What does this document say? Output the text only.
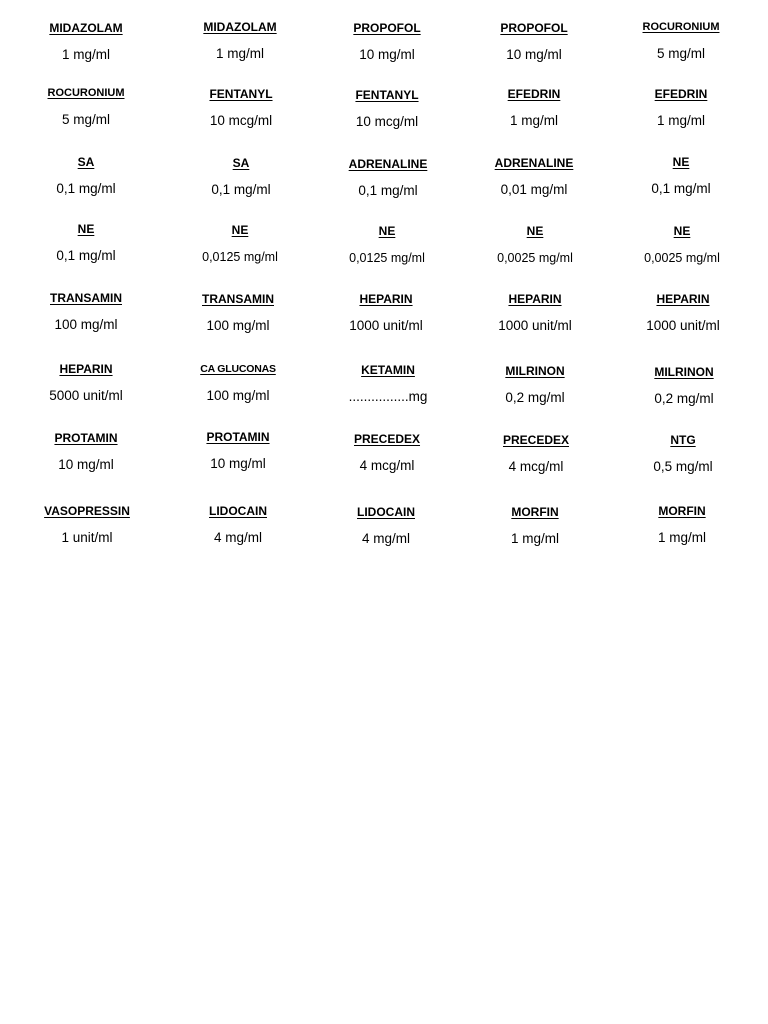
MIDAZOLAM
1 mg/ml
MIDAZOLAM
1 mg/ml
PROPOFOL
10 mg/ml
PROPOFOL
10 mg/ml
ROCURONIUM
5 mg/ml
ROCURONIUM
5 mg/ml
FENTANYL
10 mcg/ml
FENTANYL
10 mcg/ml
EFEDRIN
1 mg/ml
EFEDRIN
1 mg/ml
SA
0,1 mg/ml
SA
0,1 mg/ml
ADRENALINE
0,1 mg/ml
ADRENALINE
0,01 mg/ml
NE
0,1 mg/ml
NE
0,1 mg/ml
NE
0,0125 mg/ml
NE
0,0125 mg/ml
NE
0,0025 mg/ml
NE
0,0025 mg/ml
TRANSAMIN
100 mg/ml
TRANSAMIN
100 mg/ml
HEPARIN
1000 unit/ml
HEPARIN
1000 unit/ml
HEPARIN
1000 unit/ml
HEPARIN
5000 unit/ml
CA GLUCONAS
100 mg/ml
KETAMIN
................mg
MILRINON
0,2 mg/ml
MILRINON
0,2 mg/ml
PROTAMIN
10 mg/ml
PROTAMIN
10 mg/ml
PRECEDEX
4 mcg/ml
PRECEDEX
4 mcg/ml
NTG
0,5 mg/ml
VASOPRESSIN
1 unit/ml
LIDOCAIN
4 mg/ml
LIDOCAIN
4 mg/ml
MORFIN
1 mg/ml
MORFIN
1 mg/ml
